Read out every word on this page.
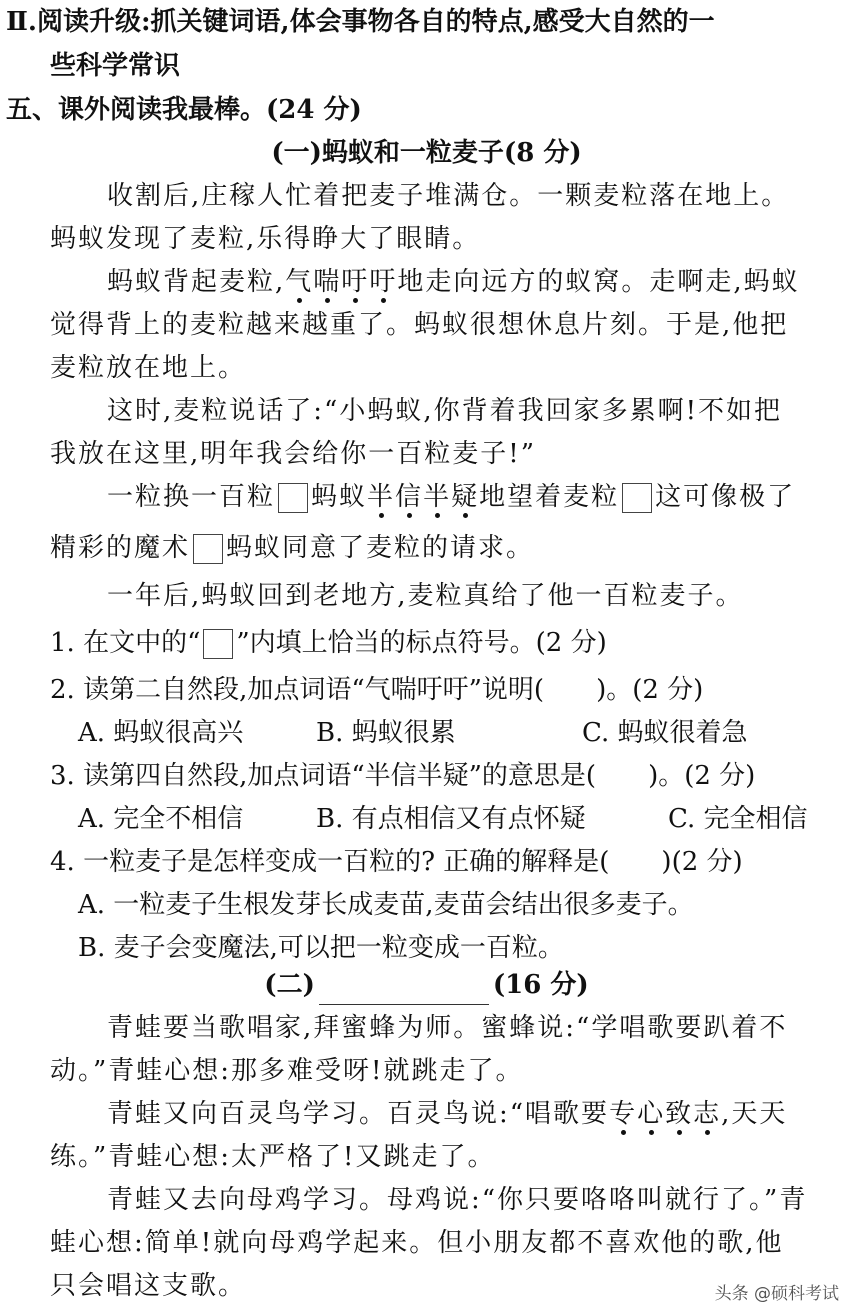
Ⅱ.阅读升级:抓关键词语,体会事物各自的特点,感受大自然的一
些科学常识
五、课外阅读我最棒。(24 分)
(一)蚂蚁和一粒麦子(8 分)
收割后,庄稼人忙着把麦子堆满仓。一颗麦粒落在地上。
蚂蚁发现了麦粒,乐得睁大了眼睛。
蚂蚁背起麦粒,气喘吁吁地走向远方的蚁窝。走啊走,蚂蚁
觉得背上的麦粒越来越重了。蚂蚁很想休息片刻。于是,他把
麦粒放在地上。
这时,麦粒说话了:“小蚂蚁,你背着我回家多累啊!不如把
我放在这里,明年我会给你一百粒麦子!”
一粒换一百粒 蚂蚁半信半疑地望着麦粒 这可像极了
精彩的魔术 蚂蚁同意了麦粒的请求。
一年后,蚂蚁回到老地方,麦粒真给了他一百粒麦子。
1. 在文中的“ ”内填上恰当的标点符号。(2 分)
2. 读第二自然段,加点词语“气喘吁吁”说明(　　)。(2 分)
A. 蚂蚁很高兴	B. 蚂蚁很累	C. 蚂蚁很着急
3. 读第四自然段,加点词语“半信半疑”的意思是(　　)。(2 分)
A. 完全不相信	B. 有点相信又有点怀疑	C. 完全相信
4. 一粒麦子是怎样变成一百粒的? 正确的解释是(　　)(2 分)
A. 一粒麦子生根发芽长成麦苗,麦苗会结出很多麦子。
B. 麦子会变魔法,可以把一粒变成一百粒。
(二)	(16 分)
青蛙要当歌唱家,拜蜜蜂为师。蜜蜂说:“学唱歌要趴着不
动。”青蛙心想:那多难受呀!就跳走了。
青蛙又向百灵鸟学习。百灵鸟说:“唱歌要专心致志,天天
练。”青蛙心想:太严格了!又跳走了。
青蛙又去向母鸡学习。母鸡说:“你只要咯咯叫就行了。”青
蛙心想:简单!就向母鸡学起来。但小朋友都不喜欢他的歌,他
只会唱这支歌。	头条 @硕科考试
